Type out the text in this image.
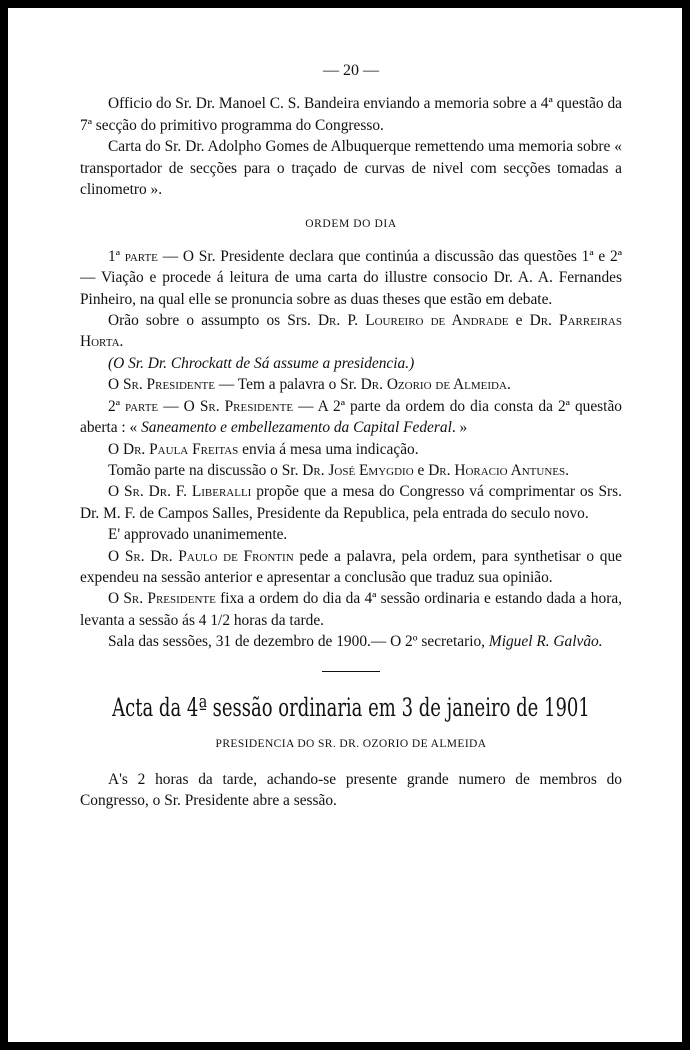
— 20 —

Officio do Sr. Dr. Manoel C. S. Bandeira enviando a memoria sobre a 4ª questão da 7ª secção do primitivo programma do Congresso.

Carta do Sr. Dr. Adolpho Gomes de Albuquerque remettendo uma memoria sobre « transportador de secções para o traçado de curvas de nivel com secções tomadas a clinometro ».

ORDEM DO DIA

1ª parte — O Sr. Presidente declara que continúa a discussão das questões 1ª e 2ª — Viação e procede á leitura de uma carta do illustre consocio Dr. A. A. Fernandes Pinheiro, na qual elle se pronuncia sobre as duas theses que estão em debate.

Orão sobre o assumpto os Srs. Dr. P. Loureiro de Andrade e Dr. Parreiras Horta.

(O Sr. Dr. Chrockatt de Sá assume a presidencia.)

O Sr. Presidente — Tem a palavra o Sr. Dr. Ozorio de Almeida.

2ª parte — O Sr. Presidente — A 2ª parte da ordem do dia consta da 2ª questão aberta : « Saneamento e embellezamento da Capital Federal. »

O Dr. Paula Freitas envia á mesa uma indicação.

Tomão parte na discussão o Sr. Dr. José Emygdio e Dr. Horacio Antunes.

O Sr. Dr. F. Liberalli propõe que a mesa do Congresso vá comprimentar os Srs. Dr. M. F. de Campos Salles, Presidente da Republica, pela entrada do seculo novo.

E' approvado unanimemente.

O Sr. Dr. Paulo de Frontin pede a palavra, pela ordem, para synthetisar o que expendeu na sessão anterior e apresentar a conclusão que traduz sua opinião.

O Sr. Presidente fixa a ordem do dia da 4ª sessão ordinaria e estando dada a hora, levanta a sessão ás 4 1/2 horas da tarde.

Sala das sessões, 31 de dezembro de 1900.— O 2º secretario, Miguel R. Galvão.

Acta da 4ª sessão ordinaria em 3 de janeiro de 1901
PRESIDENCIA DO SR. DR. OZORIO DE ALMEIDA

A's 2 horas da tarde, achando-se presente grande numero de membros do Congresso, o Sr. Presidente abre a sessão.
